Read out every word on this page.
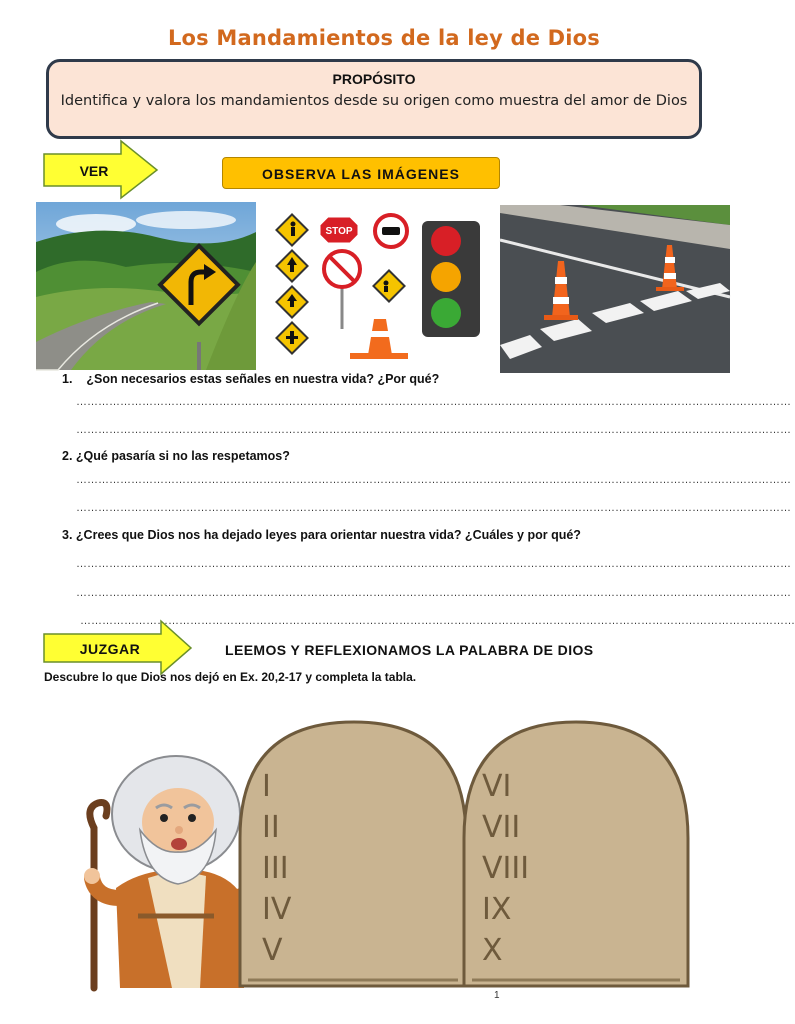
Los Mandamientos de la ley de Dios
PROPÓSITO
Identifica y valora los mandamientos desde su origen como muestra del amor de Dios
VER	OBSERVA LAS IMÁGENES
STOP
1. ¿Son necesarios estas señales en nuestra vida? ¿Por qué?
……………………………………………………………………………………………………………………………………………………………………………
……………………………………………………………………………………………………………………………………………………………………………
2. ¿Qué pasaría si no las respetamos?
……………………………………………………………………………………………………………………………………………………………………………
……………………………………………………………………………………………………………………………………………………………………………
3. ¿Crees que Dios nos ha dejado leyes para orientar nuestra vida? ¿Cuáles y por qué?
……………………………………………………………………………………………………………………………………………………………………………
……………………………………………………………………………………………………………………………………………………………………………
……………………………………………………………………………………………………………………………………………………………………………
JUZGAR	LEEMOS Y REFLEXIONAMOS LA PALABRA DE DIOS
Descubre lo que Dios nos dejó en Ex. 20,2-17 y completa la tabla.
I
II
III
IV
V
VI
VII
VIII
IX
X
1
